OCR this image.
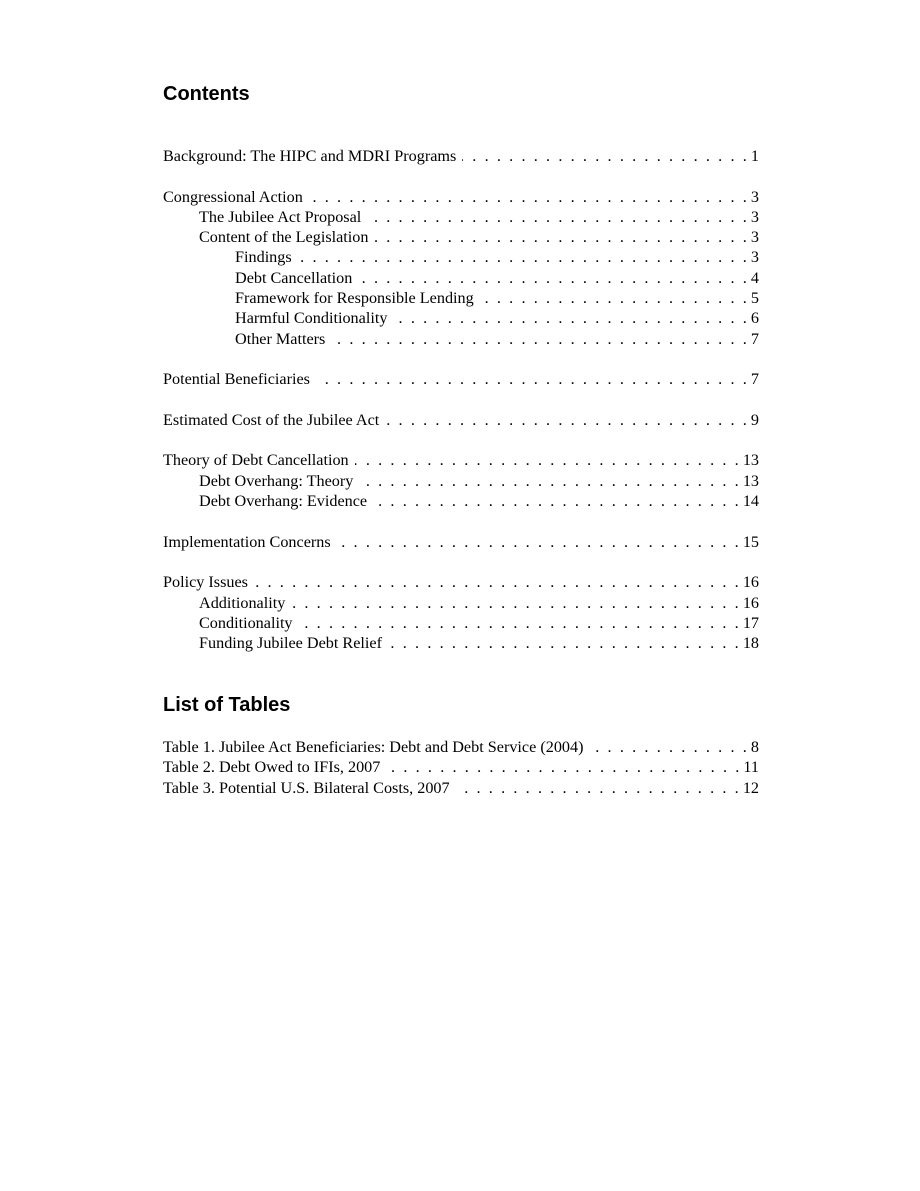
Contents
Background: The HIPC and MDRI Programs . . .	1
Congressional Action . . .	3
The Jubilee Act Proposal . . .	3
Content of the Legislation . . .	3
Findings . . .	3
Debt Cancellation . . .	4
Framework for Responsible Lending . . .	5
Harmful Conditionality . . .	6
Other Matters . . .	7
Potential Beneficiaries . . .	7
Estimated Cost of the Jubilee Act . . .	9
Theory of Debt Cancellation . . .	13
Debt Overhang: Theory . . .	13
Debt Overhang: Evidence . . .	14
Implementation Concerns . . .	15
Policy Issues . . .	16
Additionality . . .	16
Conditionality . . .	17
Funding Jubilee Debt Relief . . .	18
List of Tables
Table 1. Jubilee Act Beneficiaries: Debt and Debt Service (2004) . . .	8
Table 2. Debt Owed to IFIs, 2007 . . .	11
Table 3. Potential U.S. Bilateral Costs, 2007 . . .	12
